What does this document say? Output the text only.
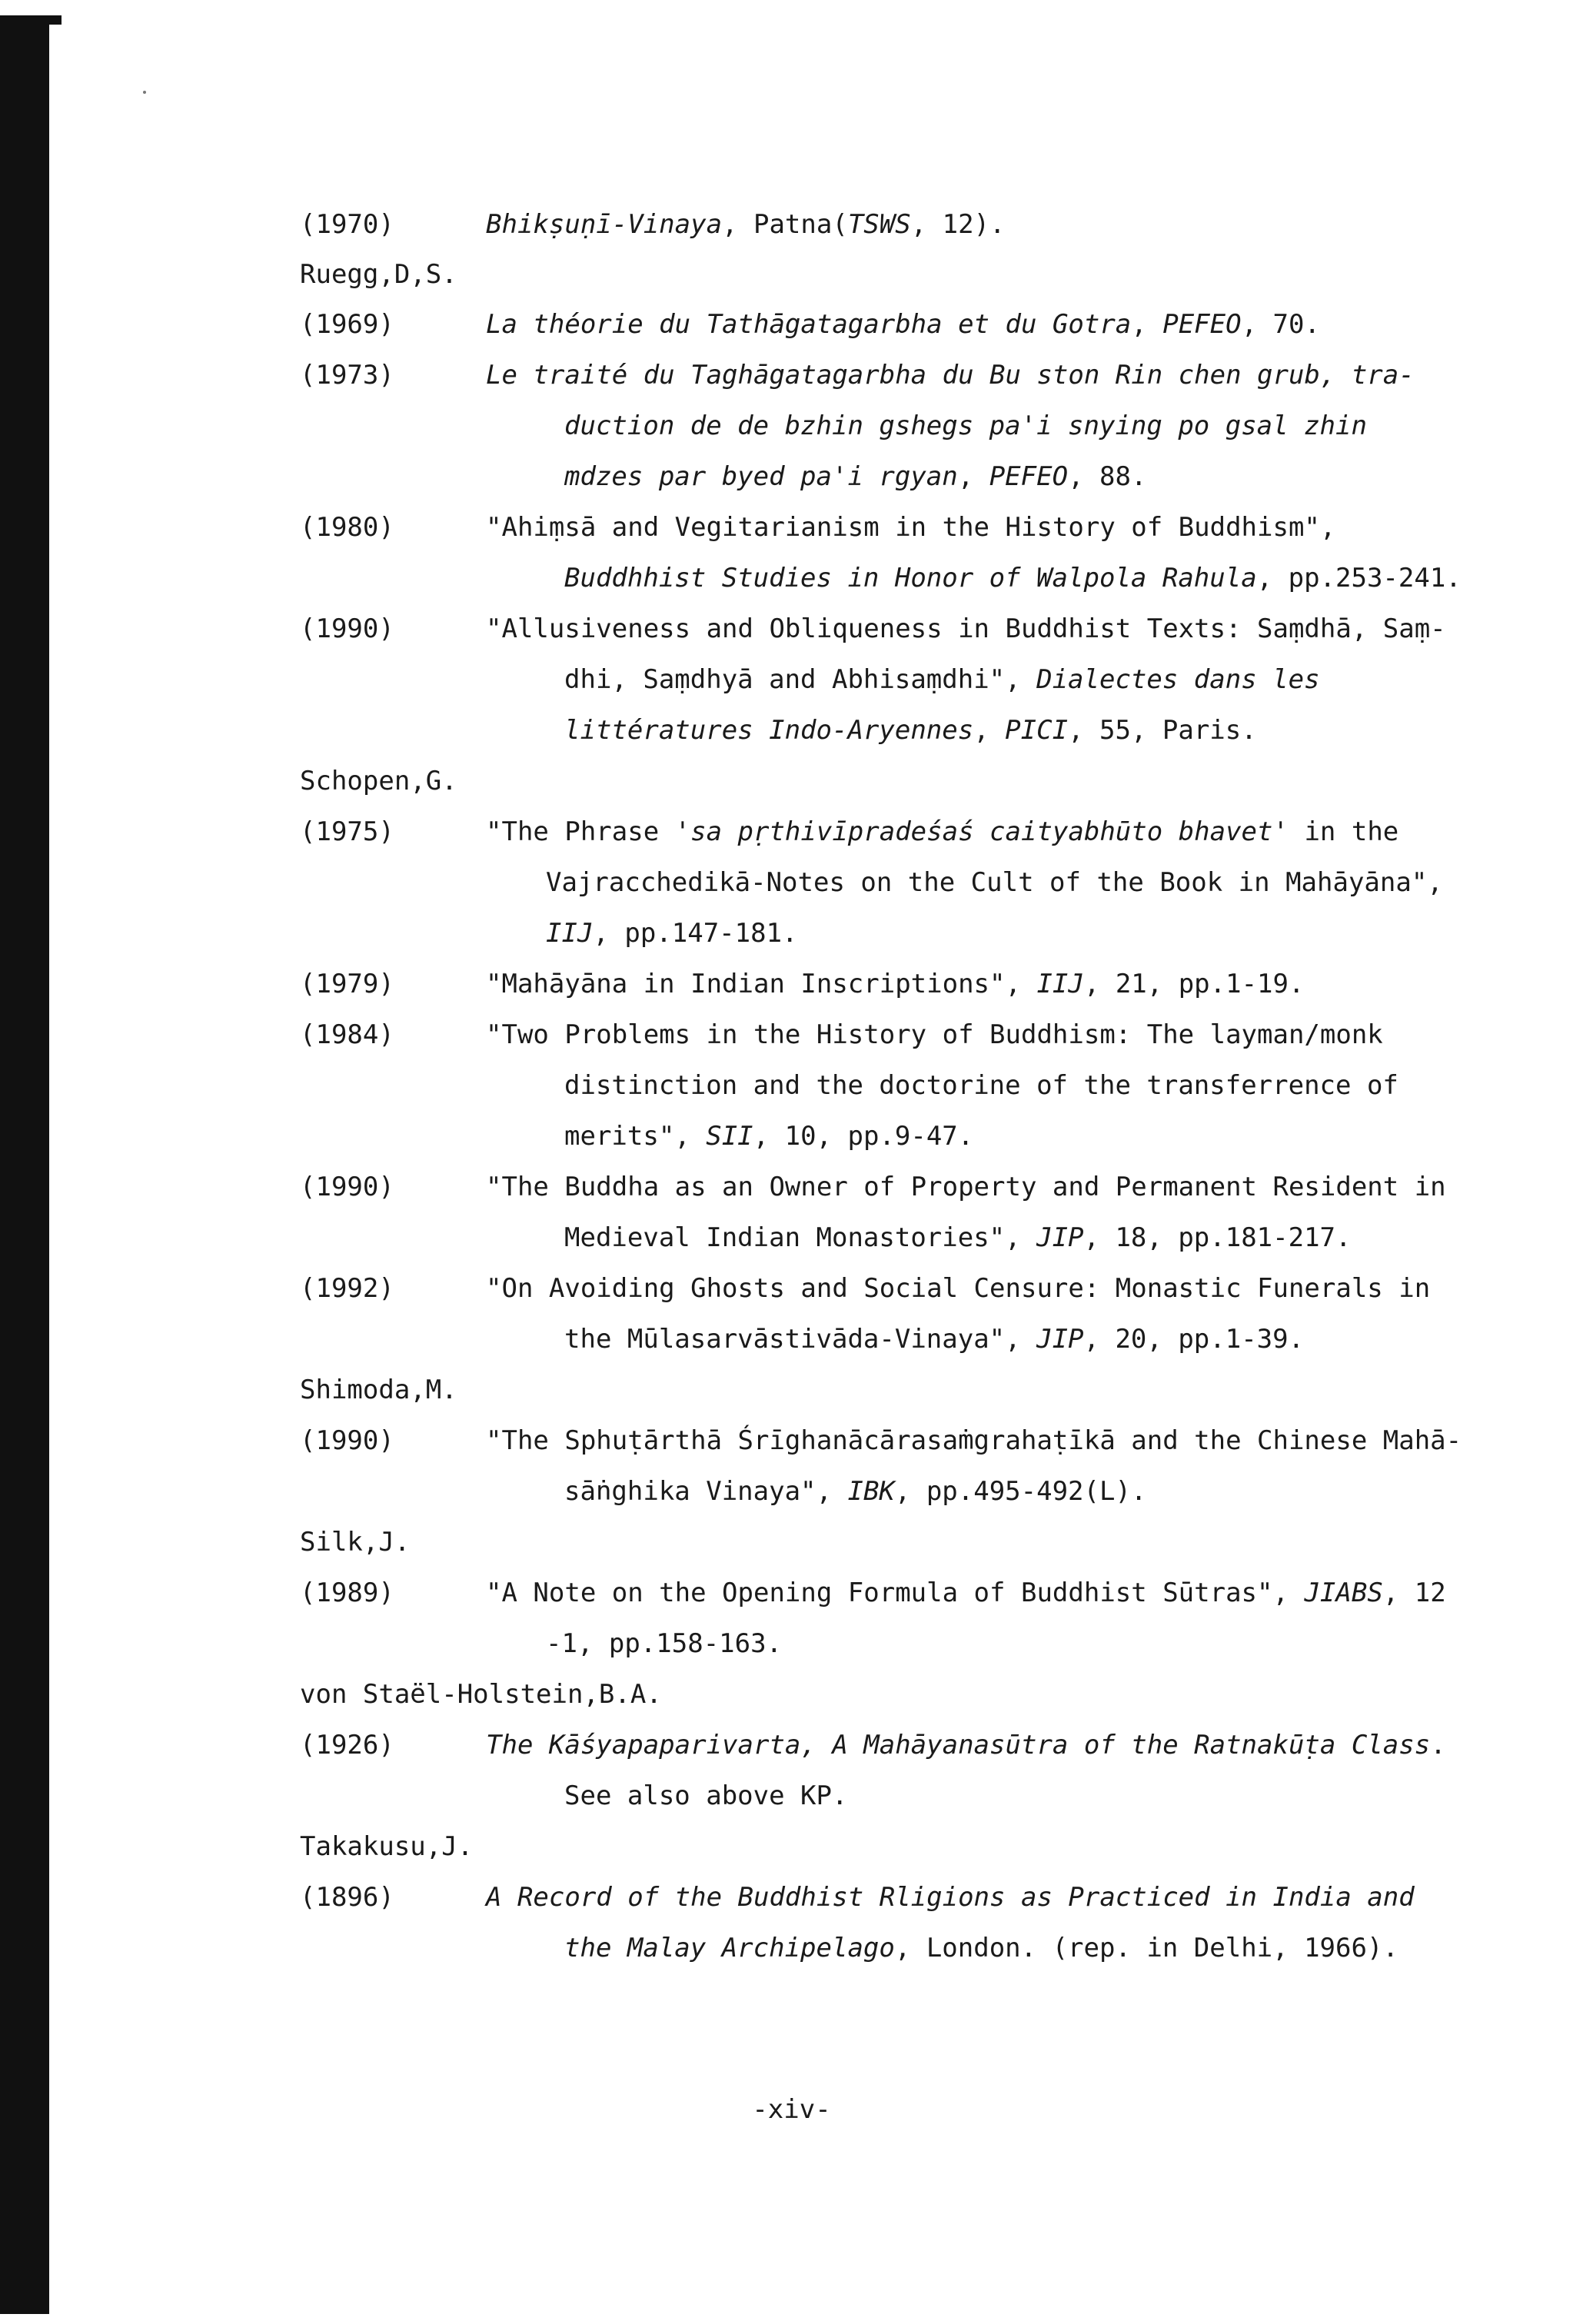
(1970)	Bhikṣuṇī-Vinaya, Patna(TSWS, 12).
Ruegg,D,S.
(1969)	La théorie du Tathāgatagarbha et du Gotra, PEFEO, 70.
(1973)	Le traité du Taghāgatagarbha du Bu ston Rin chen grub, tra-
duction de de bzhin gshegs pa'i snying po gsal zhin
mdzes par byed pa'i rgyan, PEFEO, 88.
(1980)	"Ahiṃsā and Vegitarianism in the History of Buddhism",
Buddhhist Studies in Honor of Walpola Rahula, pp.253-241.
(1990)	"Allusiveness and Obliqueness in Buddhist Texts: Saṃdhā, Saṃ-
dhi, Saṃdhyā and Abhisaṃdhi", Dialectes dans les
littératures Indo-Aryennes, PICI, 55, Paris.
Schopen,G.
(1975)	"The Phrase 'sa pṛthivīpradeśaś caityabhūto bhavet' in the
Vajracchedikā-Notes on the Cult of the Book in Mahāyāna",
IIJ, pp.147-181.
(1979)	"Mahāyāna in Indian Inscriptions", IIJ, 21, pp.1-19.
(1984)	"Two Problems in the History of Buddhism: The layman/monk
distinction and the doctorine of the transferrence of
merits", SII, 10, pp.9-47.
(1990)	"The Buddha as an Owner of Property and Permanent Resident in
Medieval Indian Monastories", JIP, 18, pp.181-217.
(1992)	"On Avoiding Ghosts and Social Censure: Monastic Funerals in
the Mūlasarvāstivāda-Vinaya", JIP, 20, pp.1-39.
Shimoda,M.
(1990)	"The Sphuṭārthā Śrīghanācārasaṁgrahaṭīkā and the Chinese Mahā-
sāṅghika Vinaya", IBK, pp.495-492(L).
Silk,J.
(1989)	"A Note on the Opening Formula of Buddhist Sūtras", JIABS, 12
-1, pp.158-163.
von Staël-Holstein,B.A.
(1926)	The Kāśyapaparivarta, A Mahāyanasūtra of the Ratnakūṭa Class.
See also above KP.
Takakusu,J.
(1896)	A Record of the Buddhist Rligions as Practiced in India and
the Malay Archipelago, London. (rep. in Delhi, 1966).
-xiv-
